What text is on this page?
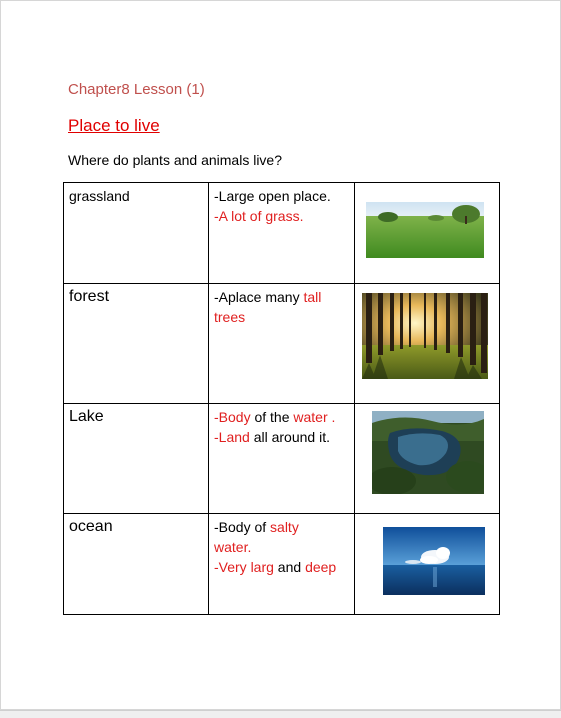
Chapter8 Lesson (1)
Place to live
Where do plants and animals live?
grassland	-Large open place.
-A lot of grass.

forest	-Aplace many tall
trees

Lake	-Body of the water .
-Land all around it.

ocean	-Body of salty
water.
-Very larg and deep
